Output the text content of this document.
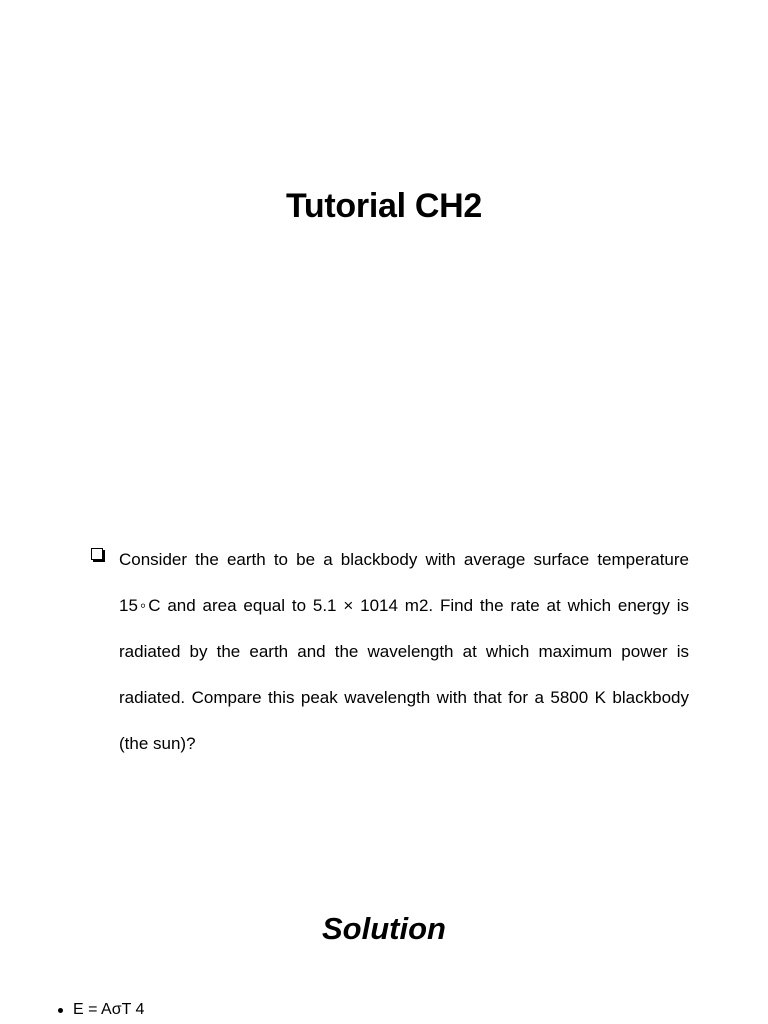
Tutorial CH2
Consider the earth to be a blackbody with average surface temperature 15◦C and area equal to 5.1 × 1014 m2. Find the rate at which energy is radiated by the earth and the wavelength at which maximum power is radiated. Compare this peak wavelength with that for a 5800 K blackbody (the sun)?
Solution
E = AσT 4
